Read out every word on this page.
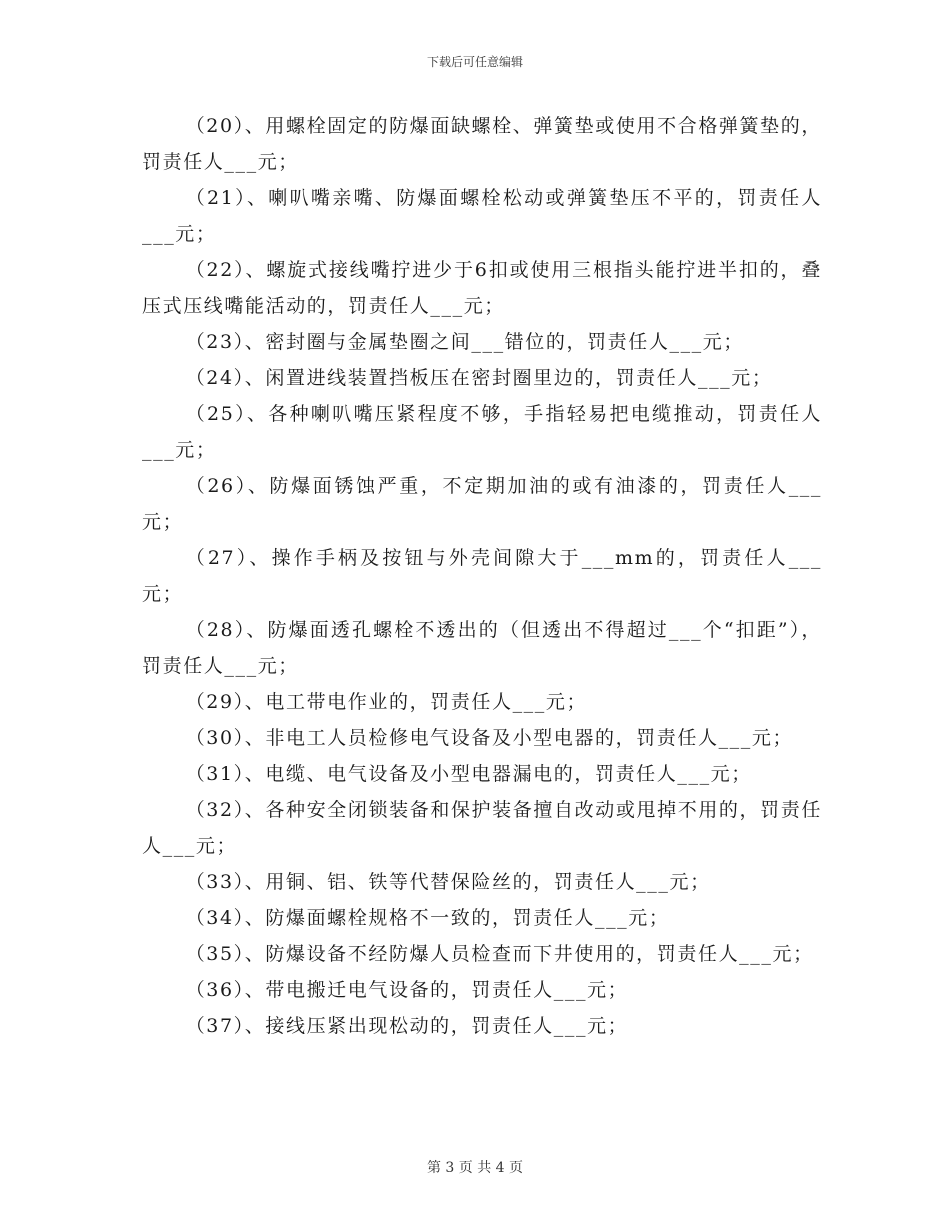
下载后可任意编辑

（20）、用螺栓固定的防爆面缺螺栓、弹簧垫或使用不合格弹簧垫的，罚责任人___元；

（21）、喇叭嘴亲嘴、防爆面螺栓松动或弹簧垫压不平的，罚责任人___元；

（22）、螺旋式接线嘴拧进少于6扣或使用三根指头能拧进半扣的，叠压式压线嘴能活动的，罚责任人___元；

（23）、密封圈与金属垫圈之间___错位的，罚责任人___元；

（24）、闲置进线装置挡板压在密封圈里边的，罚责任人___元；

（25）、各种喇叭嘴压紧程度不够，手指轻易把电缆推动，罚责任人___元；

（26）、防爆面锈蚀严重，不定期加油的或有油漆的，罚责任人___元；

（27）、操作手柄及按钮与外壳间隙大于___mm的，罚责任人___元；

（28）、防爆面透孔螺栓不透出的（但透出不得超过___个“扣距”），罚责任人___元；

（29）、电工带电作业的，罚责任人___元；

（30）、非电工人员检修电气设备及小型电器的，罚责任人___元；

（31）、电缆、电气设备及小型电器漏电的，罚责任人___元；

（32）、各种安全闭锁装备和保护装备擅自改动或甩掉不用的，罚责任人___元；

（33）、用铜、铝、铁等代替保险丝的，罚责任人___元；

（34）、防爆面螺栓规格不一致的，罚责任人___元；

（35）、防爆设备不经防爆人员检查而下井使用的，罚责任人___元；

（36）、带电搬迁电气设备的，罚责任人___元；

（37）、接线压紧出现松动的，罚责任人___元；

第 3 页 共 4 页
